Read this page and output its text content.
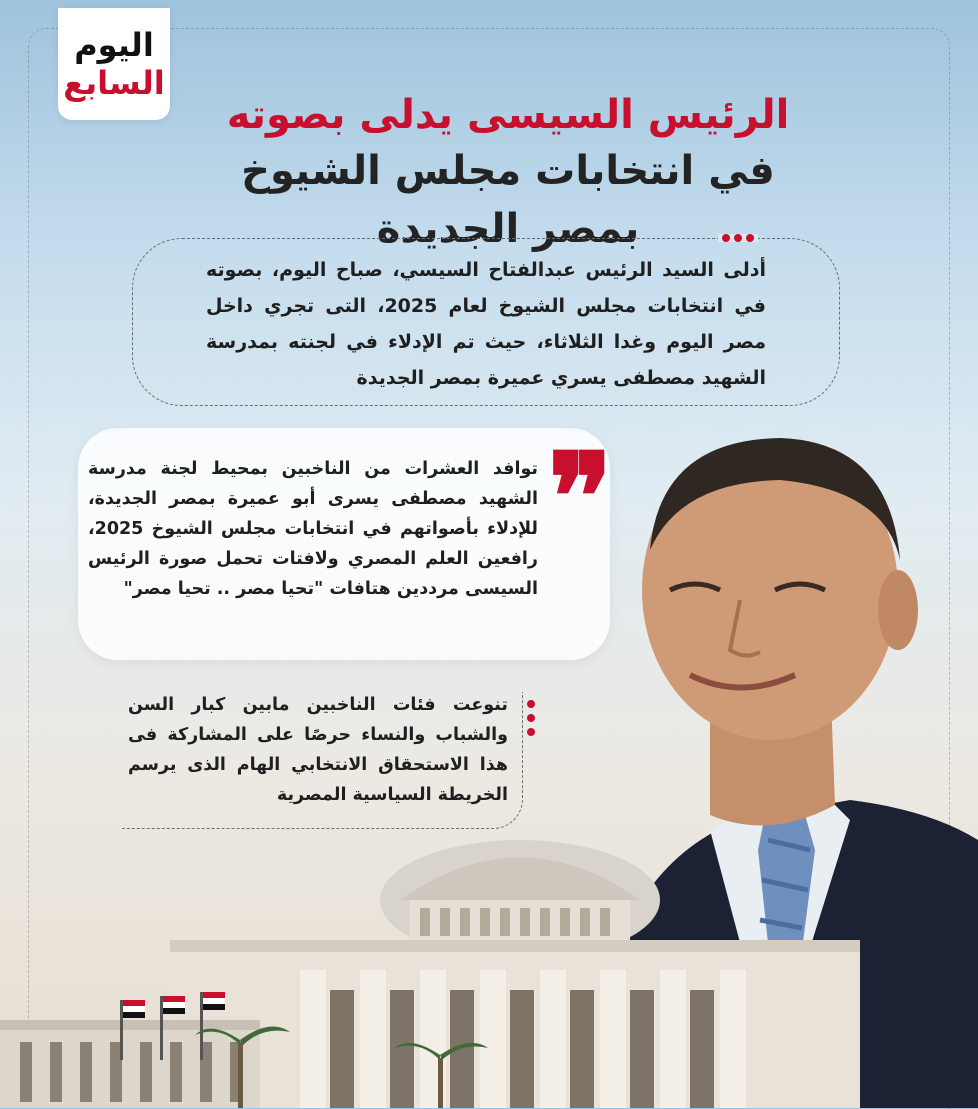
اليوم
السابع
الرئيس السيسى يدلى بصوته
في انتخابات مجلس الشيوخ بمصر الجديدة
أدلى السيد الرئيس عبدالفتاح السيسي، صباح اليوم، بصوته في انتخابات مجلس الشيوخ لعام 2025، التى تجري داخل مصر اليوم وغدا الثلاثاء، حيث تم الإدلاء في لجنته بمدرسة الشهيد مصطفى يسري عميرة بمصر الجديدة
❞
توافد العشرات من الناخبين بمحيط لجنة مدرسة الشهيد مصطفى يسرى أبو عميرة بمصر الجديدة، للإدلاء بأصواتهم في انتخابات مجلس الشيوخ 2025، رافعين العلم المصري ولافتات تحمل صورة الرئيس السيسى مرددين هتافات "تحيا مصر .. تحيا مصر"
تنوعت فئات الناخبين مابين كبار السن والشباب والنساء حرصًا على المشاركة فى هذا الاستحقاق الانتخابي الهام الذى يرسم الخريطة السياسية المصرية
